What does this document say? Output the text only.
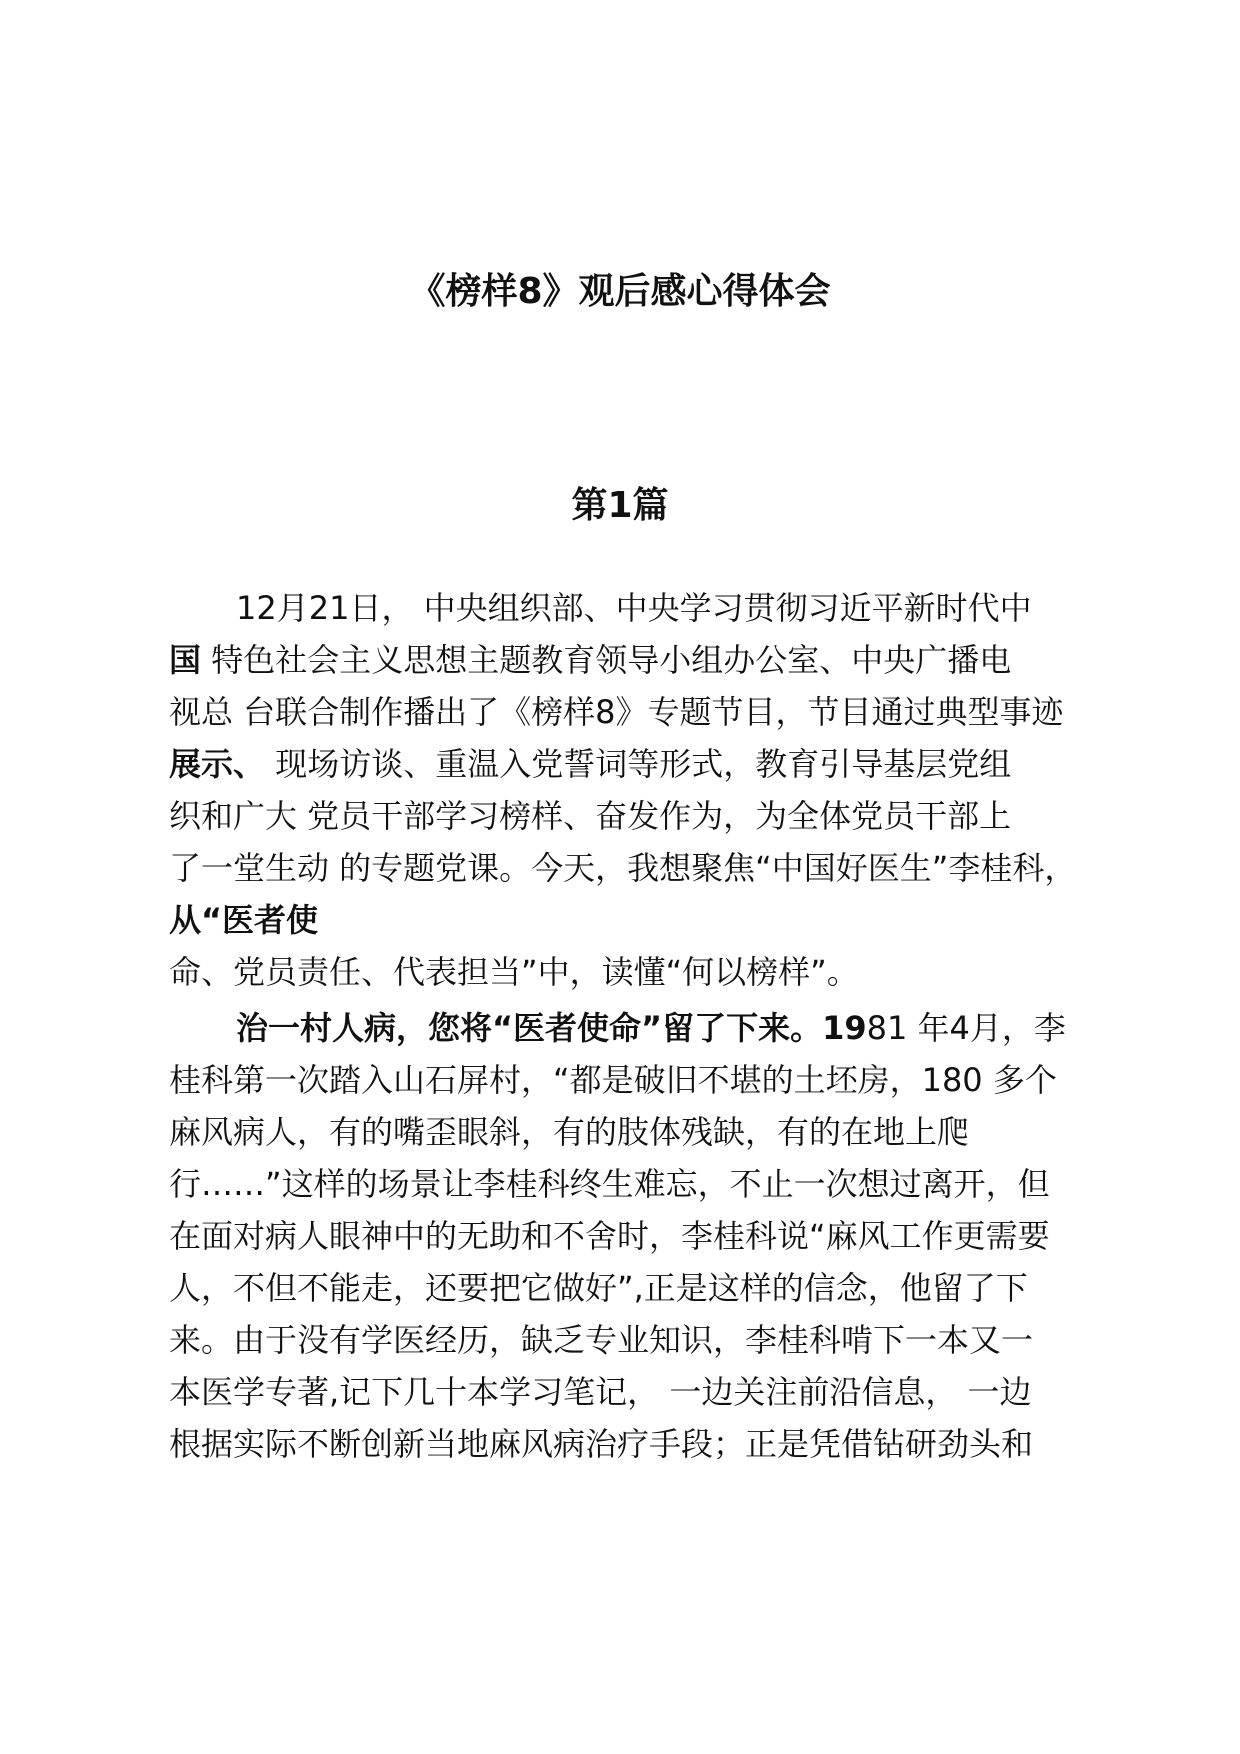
《榜样8》观后感心得体会
第1篇
12月21日， 中央组织部、中央学习贯彻习近平新时代中
国 特色社会主义思想主题教育领导小组办公室、中央广播电
视总 台联合制作播出了《榜样8》专题节目，节目通过典型事迹
展示、 现场访谈、重温入党誓词等形式，教育引导基层党组
织和广大 党员干部学习榜样、奋发作为，为全体党员干部上
了一堂生动 的专题党课。今天，我想聚焦“中国好医生”李桂科，
从“医者使
命、党员责任、代表担当”中，读懂“何以榜样”。
治一村人病，您将“医者使命”留了下来。1981 年4月，李
桂科第一次踏入山石屏村，“都是破旧不堪的土坯房，180 多个
麻风病人，有的嘴歪眼斜，有的肢体残缺，有的在地上爬
行……”这样的场景让李桂科终生难忘，不止一次想过离开，但
在面对病人眼神中的无助和不舍时，李桂科说“麻风工作更需要
人，不但不能走，还要把它做好”,正是这样的信念，他留了下
来。由于没有学医经历，缺乏专业知识，李桂科啃下一本又一
本医学专著,记下几十本学习笔记， 一边关注前沿信息， 一边
根据实际不断创新当地麻风病治疗手段；正是凭借钻研劲头和
